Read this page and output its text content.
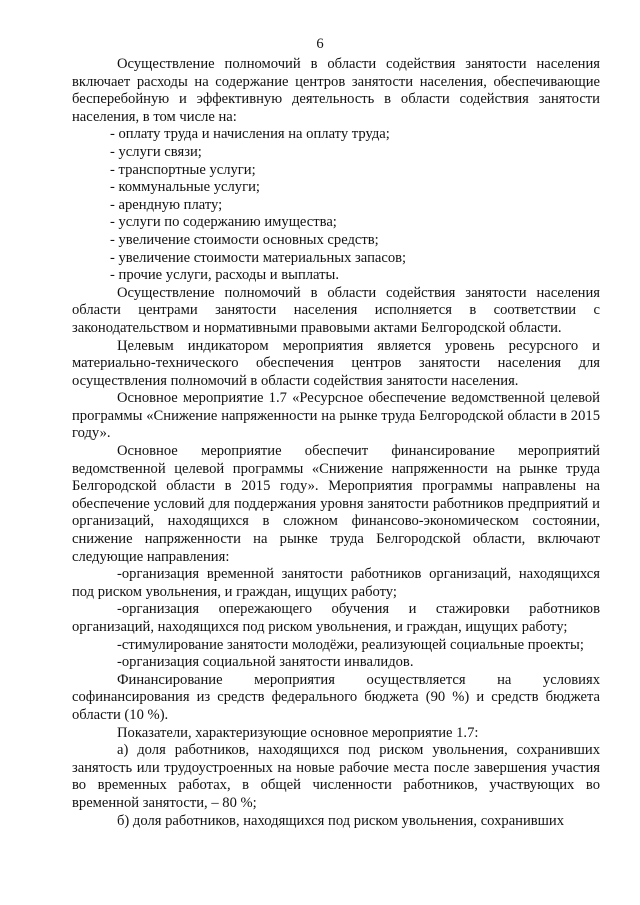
6

Осуществление полномочий в области содействия занятости населения включает расходы на содержание центров занятости населения, обеспечивающие бесперебойную и эффективную деятельность в области содействия занятости населения, в том числе на:

- оплату труда и начисления на оплату труда;

- услуги связи;

- транспортные услуги;

- коммунальные услуги;

- арендную плату;

- услуги по содержанию имущества;

- увеличение стоимости основных средств;

- увеличение стоимости материальных запасов;

- прочие услуги, расходы и выплаты.

Осуществление полномочий в области содействия занятости населения области центрами занятости населения исполняется в соответствии с законодательством и нормативными правовыми актами Белгородской области.

Целевым индикатором мероприятия является уровень ресурсного и материально-технического обеспечения центров занятости населения для осуществления полномочий в области содействия занятости населения.

Основное мероприятие 1.7 «Ресурсное обеспечение ведомственной целевой программы «Снижение напряженности на рынке труда Белгородской области в 2015 году».

Основное мероприятие обеспечит финансирование мероприятий ведомственной целевой программы «Снижение напряженности на рынке труда Белгородской области в 2015 году». Мероприятия программы направлены на обеспечение условий для поддержания уровня занятости работников предприятий и организаций, находящихся в сложном финансово-экономическом состоянии, снижение напряженности на рынке труда Белгородской области, включают следующие направления:

-организация временной занятости работников организаций, находящихся под риском увольнения, и граждан, ищущих работу;

-организация опережающего обучения и стажировки работников организаций, находящихся под риском увольнения, и граждан, ищущих работу;

-стимулирование занятости молодёжи, реализующей социальные проекты;

-организация социальной занятости инвалидов.

Финансирование мероприятия осуществляется на условиях софинансирования из средств федерального бюджета (90 %) и средств бюджета области (10 %).

Показатели, характеризующие основное мероприятие 1.7:

а) доля работников, находящихся под риском увольнения, сохранивших занятость или трудоустроенных на новые рабочие места после завершения участия во временных работах, в общей численности работников, участвующих во временной занятости, – 80 %;

б) доля работников, находящихся под риском увольнения, сохранивших
